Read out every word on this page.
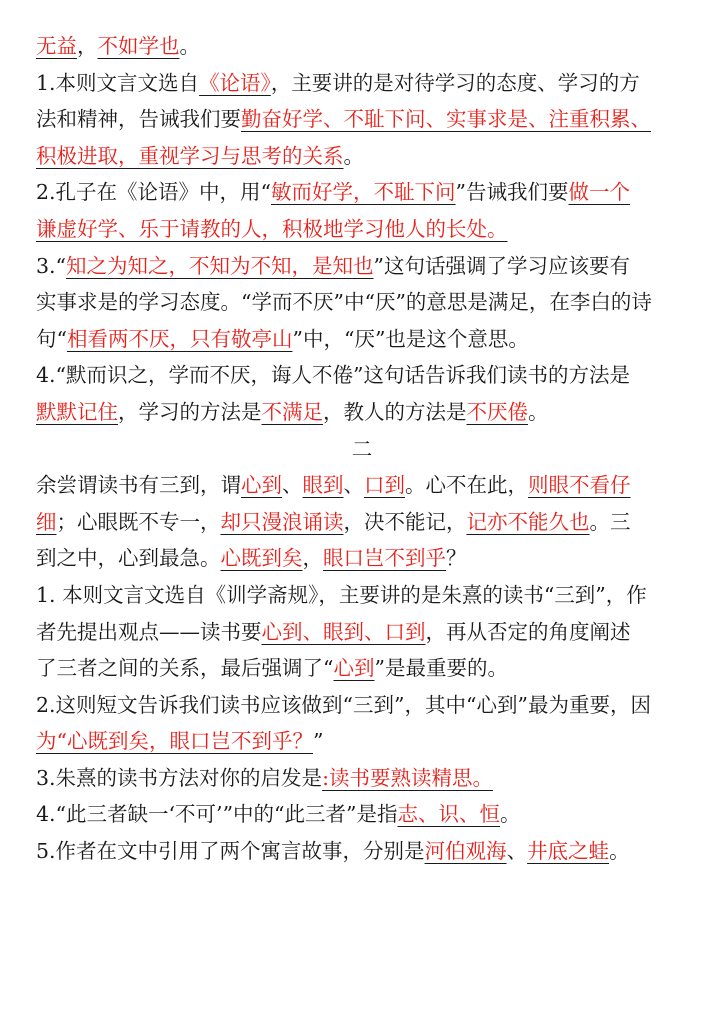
无益，不如学也。
1.本则文言文选自《论语》，主要讲的是对待学习的态度、学习的方
法和精神，告诫我们要勤奋好学、不耻下问、实事求是、注重积累、
积极进取，重视学习与思考的关系。
2.孔子在《论语》中，用“敏而好学，不耻下问”告诫我们要做一个
谦虚好学、乐于请教的人，积极地学习他人的长处。
3.“知之为知之，不知为不知，是知也”这句话强调了学习应该要有
实事求是的学习态度。“学而不厌”中“厌”的意思是满足，在李白的诗
句“相看两不厌，只有敬亭山”中，“厌”也是这个意思。
4.“默而识之，学而不厌，诲人不倦”这句话告诉我们读书的方法是
默默记住，学习的方法是不满足，教人的方法是不厌倦。
二
余尝谓读书有三到，谓心到、眼到、口到。心不在此，则眼不看仔
细；心眼既不专一，却只漫浪诵读，决不能记，记亦不能久也。三
到之中，心到最急。心既到矣，眼口岂不到乎？
1. 本则文言文选自《训学斋规》，主要讲的是朱熹的读书“三到”，作
者先提出观点——读书要心到、眼到、口到，再从否定的角度阐述
了三者之间的关系，最后强调了“心到”是最重要的。
2.这则短文告诉我们读书应该做到“三到”，其中“心到”最为重要，因
为“心既到矣，眼口岂不到乎？”
3.朱熹的读书方法对你的启发是:读书要熟读精思。
4.“此三者缺一‘不可’”中的“此三者”是指志、识、恒。
5.作者在文中引用了两个寓言故事，分别是河伯观海、井底之蛙。
